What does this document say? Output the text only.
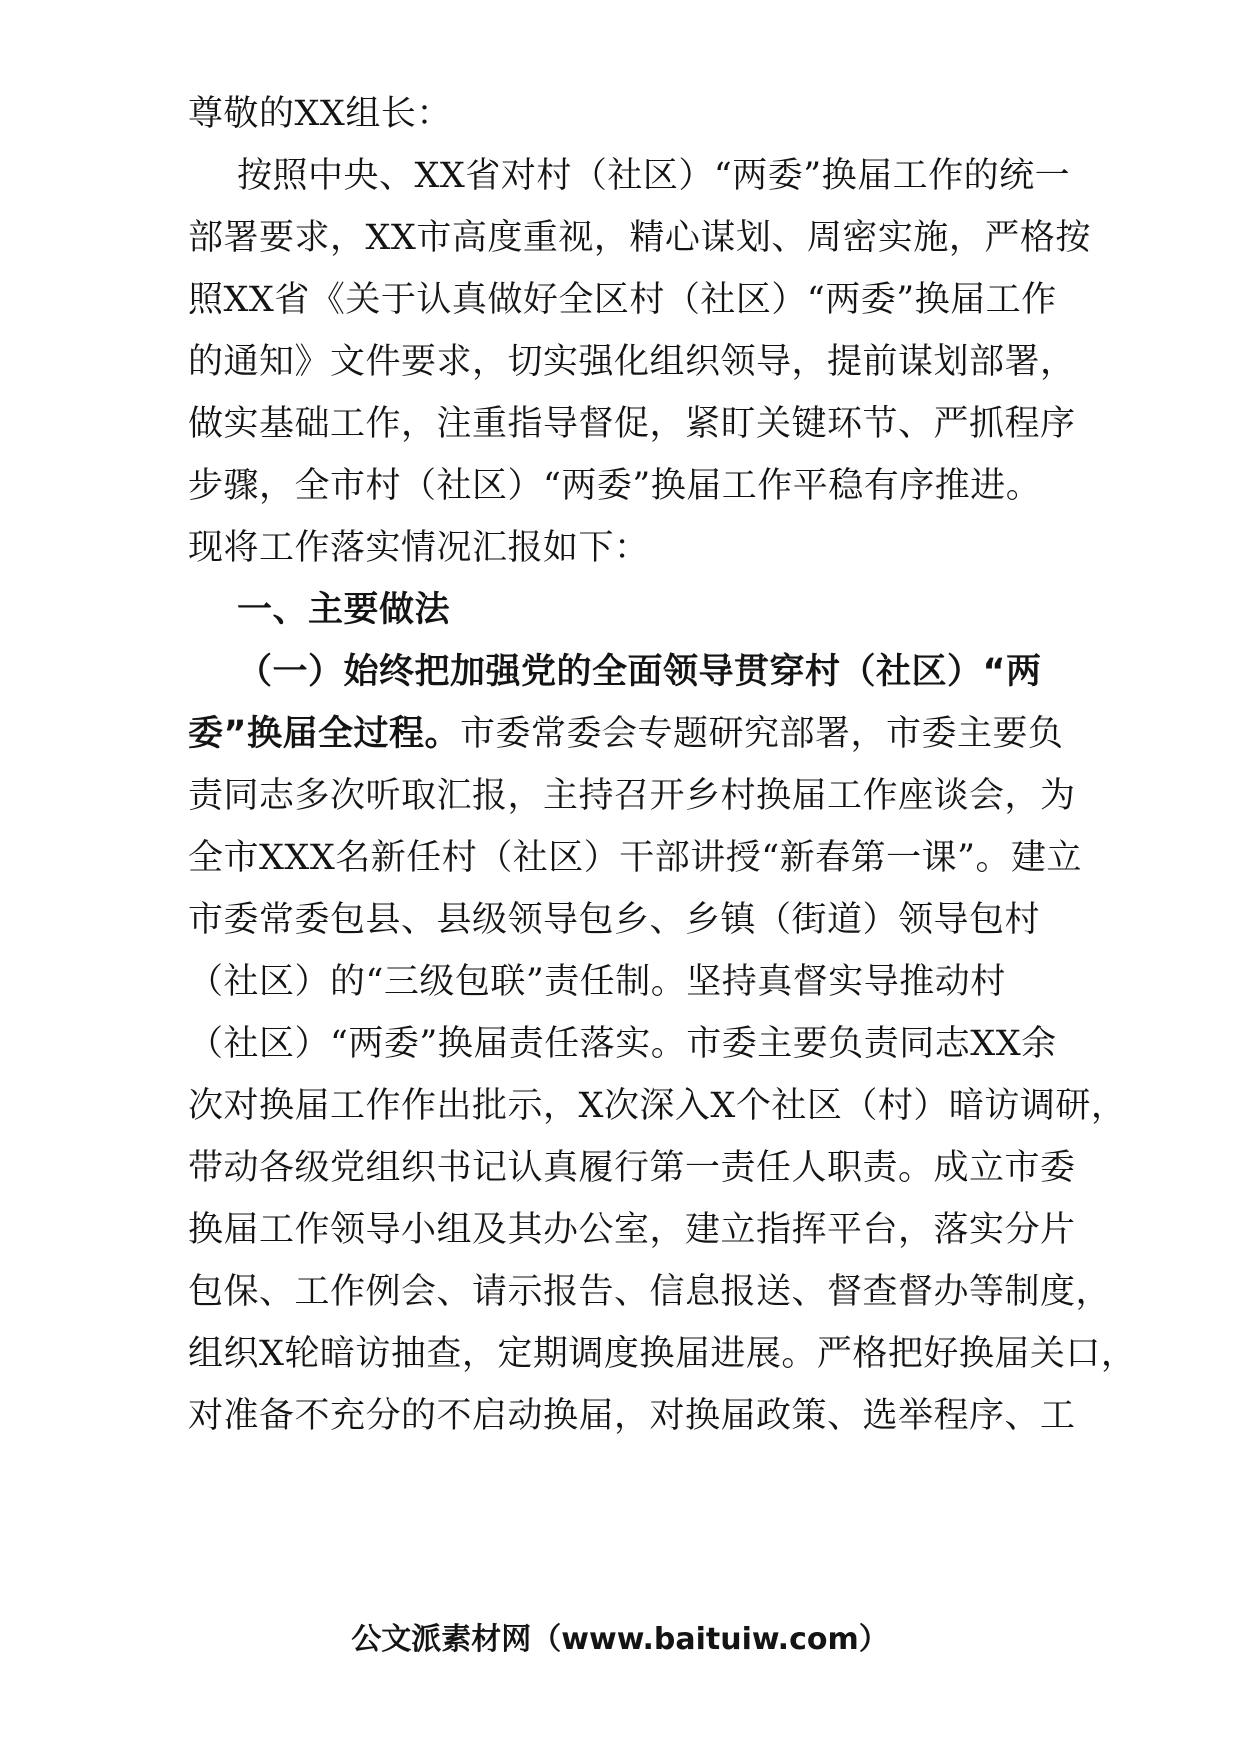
尊敬的XX组长：
按照中央、XX省对村（社区）“两委”换届工作的统一
部署要求，XX市高度重视，精心谋划、周密实施，严格按
照XX省《关于认真做好全区村（社区）“两委”换届工作
的通知》文件要求，切实强化组织领导，提前谋划部署，
做实基础工作，注重指导督促，紧盯关键环节、严抓程序
步骤，全市村（社区）“两委”换届工作平稳有序推进。
现将工作落实情况汇报如下：
一、主要做法
（一）始终把加强党的全面领导贯穿村（社区）“两
委”换届全过程。市委常委会专题研究部署，市委主要负
责同志多次听取汇报，主持召开乡村换届工作座谈会，为
全市XXX名新任村（社区）干部讲授“新春第一课”。建立
市委常委包县、县级领导包乡、乡镇（街道）领导包村
（社区）的“三级包联”责任制。坚持真督实导推动村
（社区）“两委”换届责任落实。市委主要负责同志XX余
次对换届工作作出批示，X次深入X个社区（村）暗访调研，
带动各级党组织书记认真履行第一责任人职责。成立市委
换届工作领导小组及其办公室，建立指挥平台，落实分片
包保、工作例会、请示报告、信息报送、督查督办等制度，
组织X轮暗访抽查，定期调度换届进展。严格把好换届关口，
对准备不充分的不启动换届，对换届政策、选举程序、工
公文派素材网（www.baituiw.com）
